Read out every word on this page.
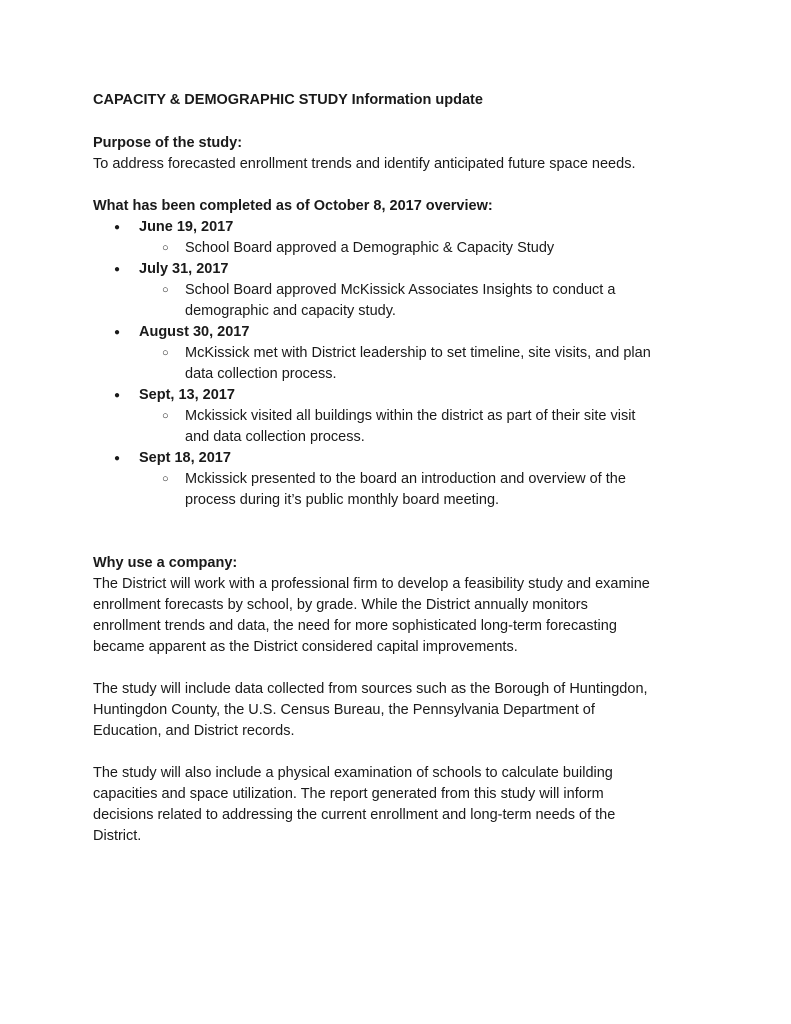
CAPACITY & DEMOGRAPHIC STUDY Information update
Purpose of the study:

To address forecasted enrollment trends and identify anticipated future space needs.

What has been completed as of October 8, 2017 overview:
● June 19, 2017
○ School Board approved a Demographic & Capacity Study
● July 31, 2017
○ School Board approved McKissick Associates Insights to conduct a
demographic and capacity study.
● August 30, 2017
○ McKissick met with District leadership to set timeline, site visits, and plan
data collection process.
● Sept, 13, 2017
○ Mckissick visited all buildings within the district as part of their site visit
and data collection process.
● Sept 18, 2017
○ Mckissick presented to the board an introduction and overview of the
process during it’s public monthly board meeting.
Why use a company:
The District will work with a professional firm to develop a feasibility study and examine
enrollment forecasts by school, by grade. While the District annually monitors
enrollment trends and data, the need for more sophisticated long-term forecasting
became apparent as the District considered capital improvements.
The study will include data collected from sources such as the Borough of Huntingdon,
Huntingdon County, the U.S. Census Bureau, the Pennsylvania Department of
Education, and District records.
The study will also include a physical examination of schools to calculate building
capacities and space utilization. The report generated from this study will inform
decisions related to addressing the current enrollment and long-term needs of the
District.
